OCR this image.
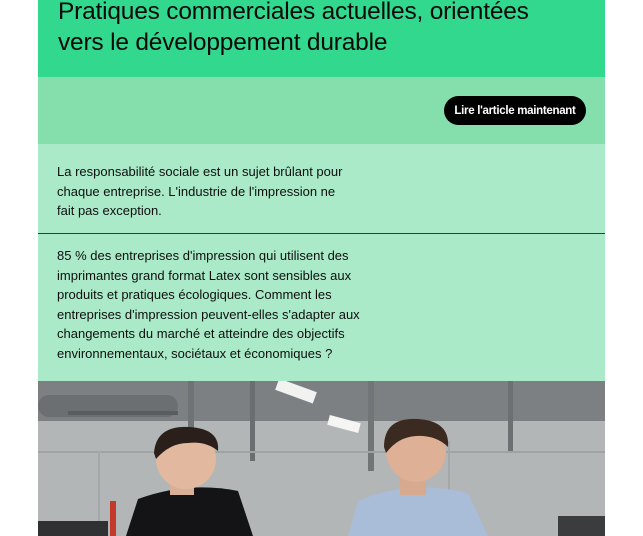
Pratiques commerciales actuelles, orientées
vers le développement durable
Lire l'article maintenant

La responsabilité sociale est un sujet brûlant pour
chaque entreprise. L'industrie de l'impression ne
fait pas exception.

85 % des entreprises d'impression qui utilisent des
imprimantes grand format Latex sont sensibles aux
produits et pratiques écologiques. Comment les
entreprises d'impression peuvent-elles s'adapter aux
changements du marché et atteindre des objectifs
environnementaux, sociétaux et économiques ?
